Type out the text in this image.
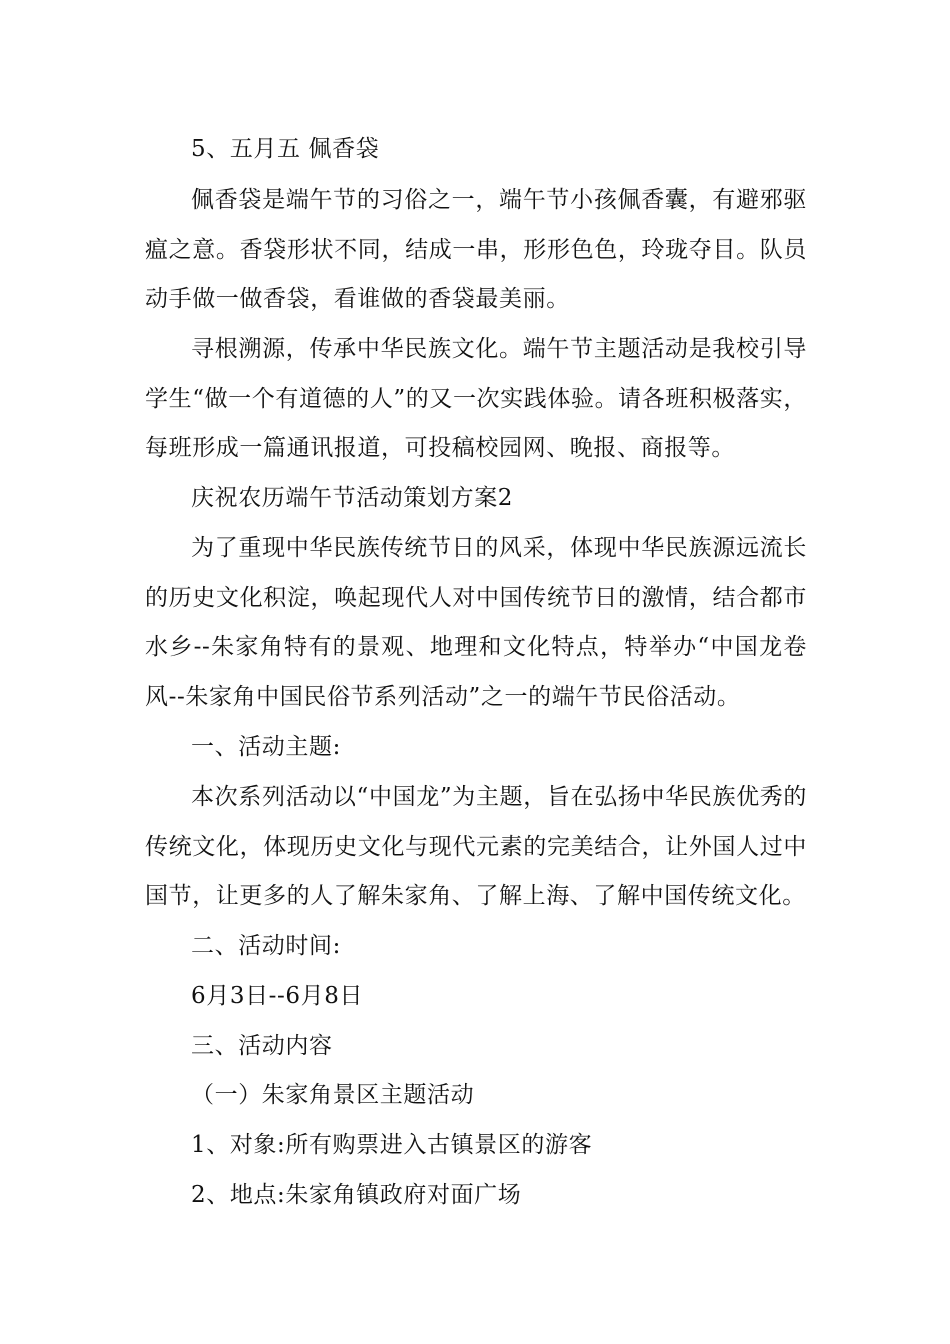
5、五月五 佩香袋

佩香袋是端午节的习俗之一，端午节小孩佩香囊，有避邪驱瘟之意。香袋形状不同，结成一串，形形色色，玲珑夺目。队员动手做一做香袋，看谁做的香袋最美丽。

寻根溯源，传承中华民族文化。端午节主题活动是我校引导学生“做一个有道德的人”的又一次实践体验。请各班积极落实，每班形成一篇通讯报道，可投稿校园网、晚报、商报等。

庆祝农历端午节活动策划方案2

为了重现中华民族传统节日的风采，体现中华民族源远流长的历史文化积淀，唤起现代人对中国传统节日的激情，结合都市水乡--朱家角特有的景观、地理和文化特点，特举办“中国龙卷风--朱家角中国民俗节系列活动”之一的端午节民俗活动。

一、活动主题:

本次系列活动以“中国龙”为主题，旨在弘扬中华民族优秀的传统文化，体现历史文化与现代元素的完美结合，让外国人过中国节，让更多的人了解朱家角、了解上海、了解中国传统文化。

二、活动时间:

6月3日--6月8日

三、活动内容

（一）朱家角景区主题活动

1、对象:所有购票进入古镇景区的游客

2、地点:朱家角镇政府对面广场
